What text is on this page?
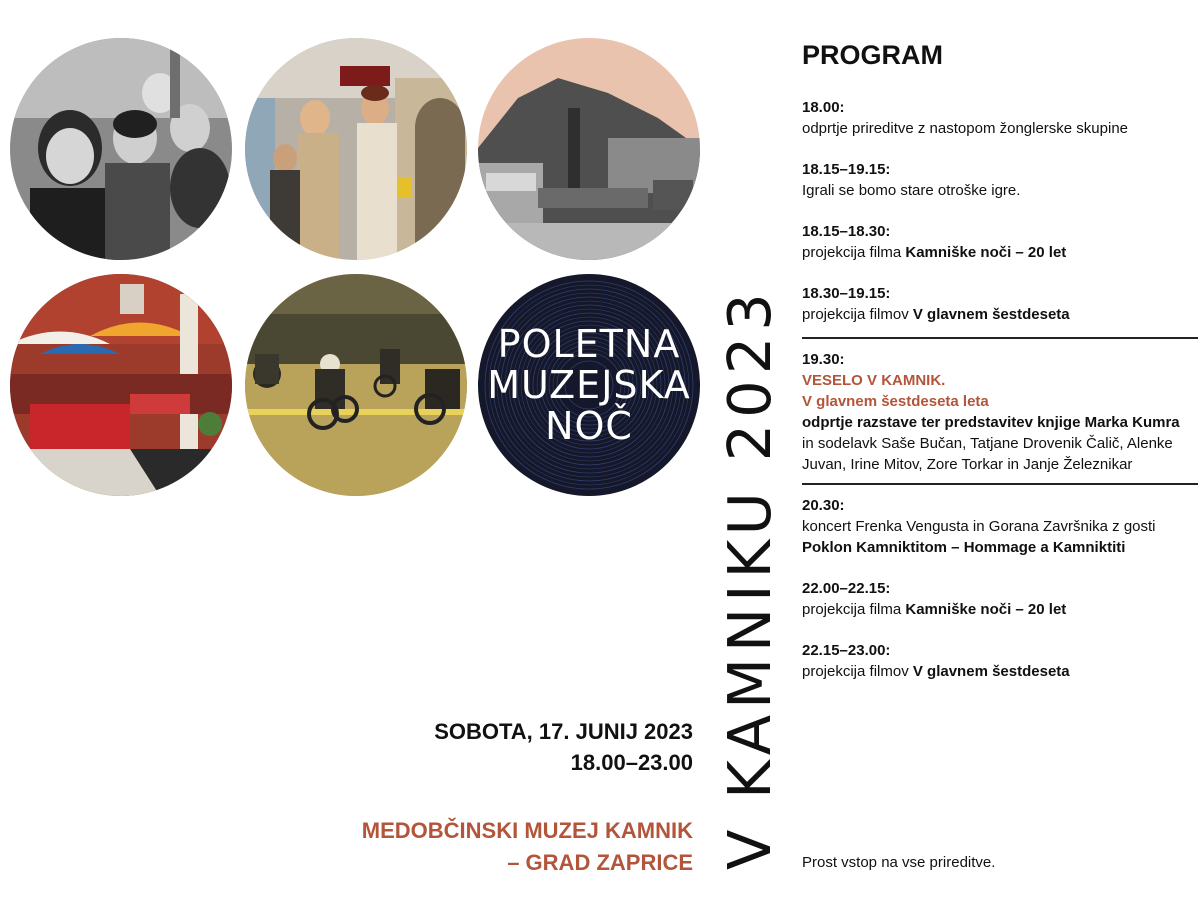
POLETNA
MUZEJSKA
NOČ	V KAMNIKU 2023
SOBOTA, 17. JUNIJ 2023
18.00–23.00
MEDOBČINSKI MUZEJ KAMNIK
– GRAD ZAPRICE
PROGRAM
18.00:
odprtje prireditve z nastopom žonglerske skupine
18.15–19.15:
Igrali se bomo stare otroške igre.
18.15–18.30:
projekcija filma Kamniške noči – 20 let
18.30–19.15:
projekcija filmov V glavnem šestdeseta
19.30:
VESELO V KAMNIK.
V glavnem šestdeseta leta
odprtje razstave ter predstavitev knjige Marka Kumra
in sodelavk Saše Bučan, Tatjane Drovenik Čalič, Alenke Juvan, Irine Mitov, Zore Torkar in Janje Železnikar
20.30:
koncert Frenka Vengusta in Gorana Završnika z gosti
Poklon Kamniktitom – Hommage a Kamniktiti
22.00–22.15:
projekcija filma Kamniške noči – 20 let
22.15–23.00:
projekcija filmov V glavnem šestdeseta
Prost vstop na vse prireditve.
